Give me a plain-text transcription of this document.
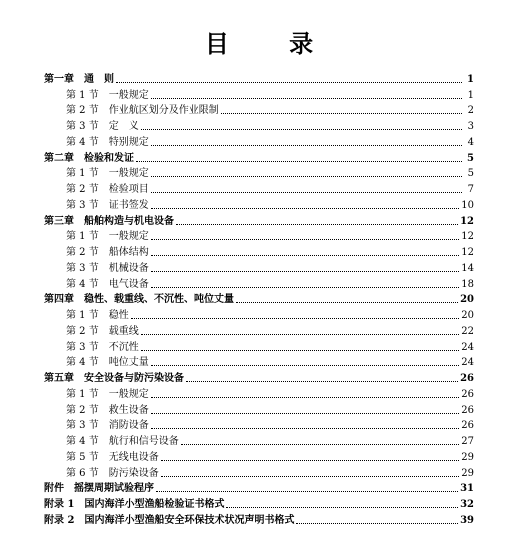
目 录
第一章　通　则	1
第 1 节　一般规定	1
第 2 节　作业航区划分及作业限制	2
第 3 节　定　义	3
第 4 节　特别规定	4
第二章　检验和发证	5
第 1 节　一般规定	5
第 2 节　检验项目	7
第 3 节　证书签发	10
第三章　船舶构造与机电设备	12
第 1 节　一般规定	12
第 2 节　船体结构	12
第 3 节　机械设备	14
第 4 节　电气设备	18
第四章　稳性、载重线、不沉性、吨位丈量	20
第 1 节　稳性	20
第 2 节　载重线	22
第 3 节　不沉性	24
第 4 节　吨位丈量	24
第五章　安全设备与防污染设备	26
第 1 节　一般规定	26
第 2 节　救生设备	26
第 3 节　消防设备	26
第 4 节　航行和信号设备	27
第 5 节　无线电设备	29
第 6 节　防污染设备	29
附件　摇摆周期试验程序	31
附录 1　国内海洋小型渔船检验证书格式	32
附录 2　国内海洋小型渔船安全环保技术状况声明书格式	39
